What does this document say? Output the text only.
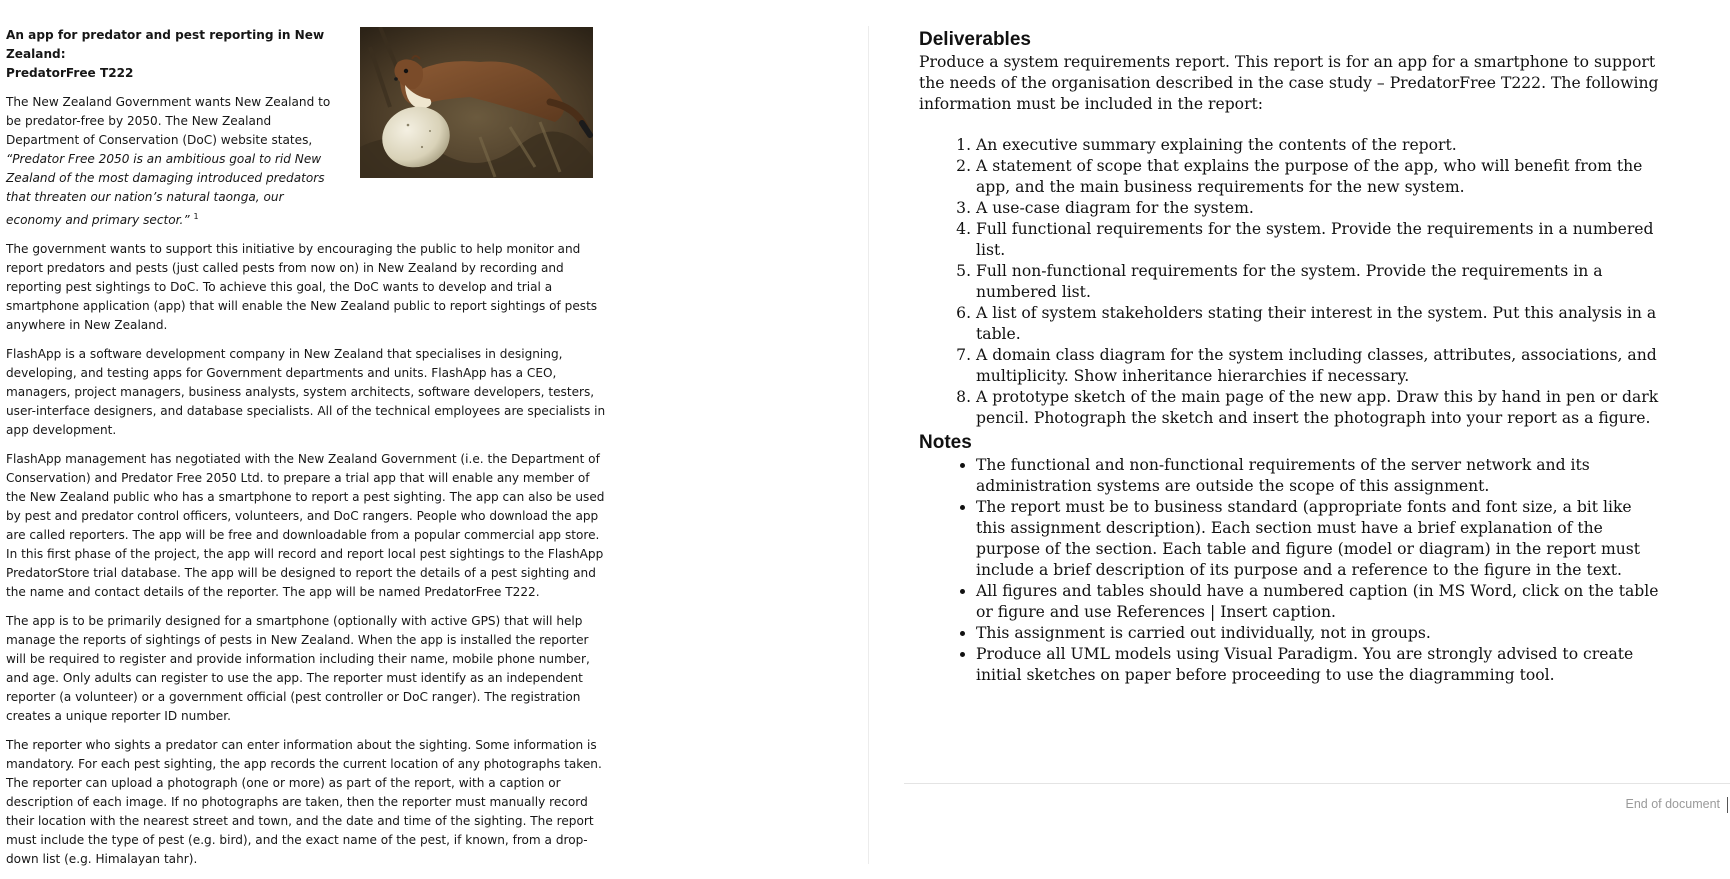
An app for predator and pest reporting in New Zealand:
PredatorFree T222

The New Zealand Government wants New Zealand to be predator-free by 2050. The New Zealand Department of Conservation (DoC) website states, “Predator Free 2050 is an ambitious goal to rid New Zealand of the most damaging introduced predators that threaten our nation’s natural taonga, our economy and primary sector.” $^1$

The government wants to support this initiative by encouraging the public to help monitor and report predators and pests (just called pests from now on) in New Zealand by recording and reporting pest sightings to DoC. To achieve this goal, the DoC wants to develop and trial a smartphone application (app) that will enable the New Zealand public to report sightings of pests anywhere in New Zealand.

FlashApp is a software development company in New Zealand that specialises in designing, developing, and testing apps for Government departments and units. FlashApp has a CEO, managers, project managers, business analysts, system architects, software developers, testers, user-interface designers, and database specialists. All of the technical employees are specialists in app development.

FlashApp management has negotiated with the New Zealand Government (i.e. the Department of Conservation) and Predator Free 2050 Ltd. to prepare a trial app that will enable any member of the New Zealand public who has a smartphone to report a pest sighting. The app can also be used by pest and predator control officers, volunteers, and DoC rangers. People who download the app are called reporters. The app will be free and downloadable from a popular commercial app store. In this first phase of the project, the app will record and report local pest sightings to the FlashApp PredatorStore trial database. The app will be designed to report the details of a pest sighting and the name and contact details of the reporter. The app will be named PredatorFree T222.

The app is to be primarily designed for a smartphone (optionally with active GPS) that will help manage the reports of sightings of pests in New Zealand. When the app is installed the reporter will be required to register and provide information including their name, mobile phone number, and age. Only adults can register to use the app. The reporter must identify as an independent reporter (a volunteer) or a government official (pest controller or DoC ranger). The registration creates a unique reporter ID number.

The reporter who sights a predator can enter information about the sighting. Some information is mandatory. For each pest sighting, the app records the current location of any photographs taken. The reporter can upload a photograph (one or more) as part of the report, with a caption or description of each image. If no photographs are taken, then the reporter must manually record their location with the nearest street and town, and the date and time of the sighting. The report must include the type of pest (e.g. bird), and the exact name of the pest, if known, from a drop-down list (e.g. Himalayan tahr).

Deliverables

Produce a system requirements report. This report is for an app for a smartphone to support the needs of the organisation described in the case study – PredatorFree T222. The following information must be included in the report:

1. An executive summary explaining the contents of the report.
2. A statement of scope that explains the purpose of the app, who will benefit from the app, and the main business requirements for the new system.
3. A use-case diagram for the system.
4. Full functional requirements for the system. Provide the requirements in a numbered list.
5. Full non-functional requirements for the system. Provide the requirements in a numbered list.
6. A list of system stakeholders stating their interest in the system. Put this analysis in a table.
7. A domain class diagram for the system including classes, attributes, associations, and multiplicity. Show inheritance hierarchies if necessary.
8. A prototype sketch of the main page of the new app. Draw this by hand in pen or dark pencil. Photograph the sketch and insert the photograph into your report as a figure.
Notes
• The functional and non-functional requirements of the server network and its administration systems are outside the scope of this assignment.
• The report must be to business standard (appropriate fonts and font size, a bit like this assignment description). Each section must have a brief explanation of the purpose of the section. Each table and figure (model or diagram) in the report must include a brief description of its purpose and a reference to the figure in the text.
• All figures and tables should have a numbered caption (in MS Word, click on the table or figure and use References | Insert caption.
• This assignment is carried out individually, not in groups.
• Produce all UML models using Visual Paradigm. You are strongly advised to create initial sketches on paper before proceeding to use the diagramming tool.
End of document
